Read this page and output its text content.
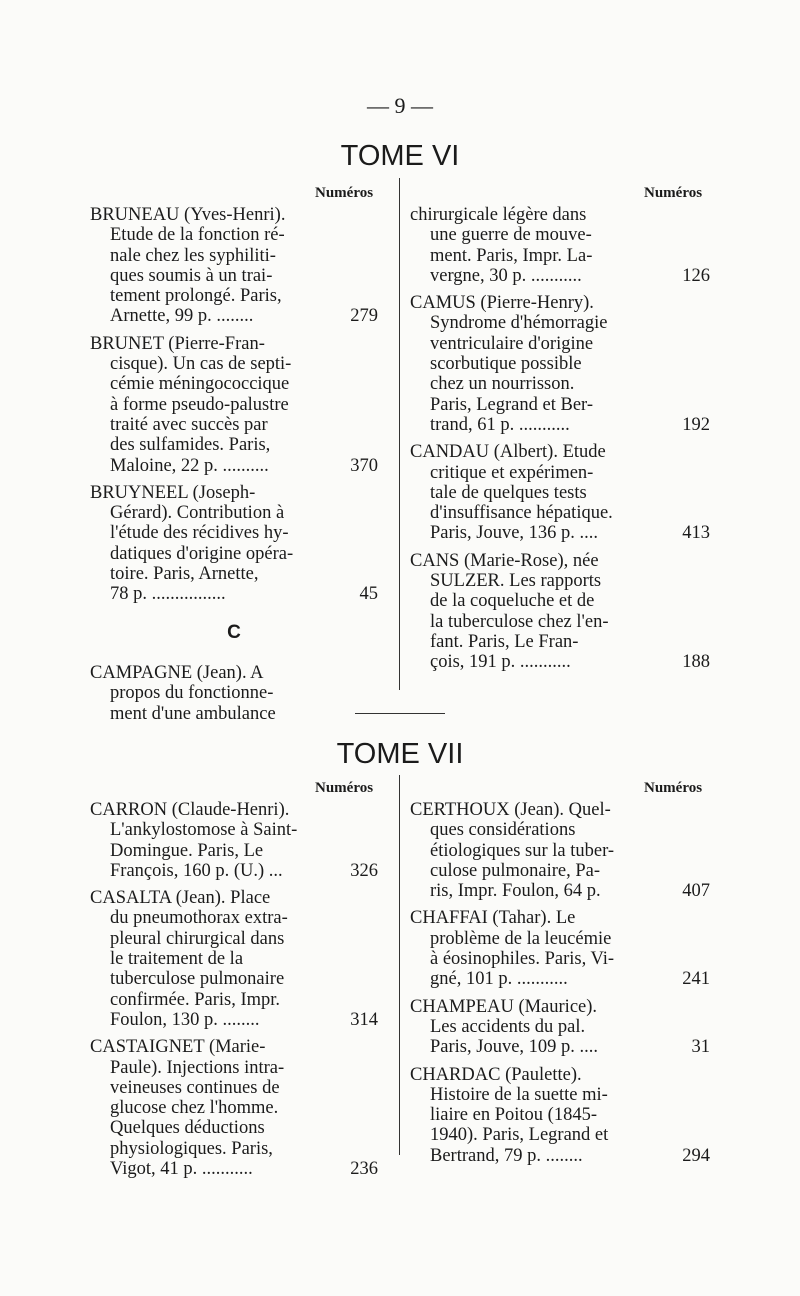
— 9 —
TOME VI
Numéros	Numéros
BRUNEAU (Yves-Henri).
Etude de la fonction ré-
nale chez les syphiliti-
ques soumis à un trai-
tement prolongé. Paris,
Arnette, 99 p. ........	279
BRUNET (Pierre-Fran-
cisque). Un cas de septi-
cémie méningococcique
à forme pseudo-palustre
traité avec succès par
des sulfamides. Paris,
Maloine, 22 p. ..........	370
BRUYNEEL (Joseph-
Gérard). Contribution à
l'étude des récidives hy-
datiques d'origine opéra-
toire. Paris, Arnette,
78 p. ................	45
C
CAMPAGNE (Jean). A
propos du fonctionne-
ment d'une ambulance
chirurgicale légère dans
une guerre de mouve-
ment. Paris, Impr. La-
vergne, 30 p. ...........	126
CAMUS (Pierre-Henry).
Syndrome d'hémorragie
ventriculaire d'origine
scorbutique possible
chez un nourrisson.
Paris, Legrand et Ber-
trand, 61 p. ...........	192
CANDAU (Albert). Etude
critique et expérimen-
tale de quelques tests
d'insuffisance hépatique.
Paris, Jouve, 136 p. ....	413
CANS (Marie-Rose), née
SULZER. Les rapports
de la coqueluche et de
la tuberculose chez l'en-
fant. Paris, Le Fran-
çois, 191 p. ...........	188
TOME VII
Numéros	Numéros
CARRON (Claude-Henri).
L'ankylostomose à Saint-
Domingue. Paris, Le
François, 160 p. (U.) ...	326
CASALTA (Jean). Place
du pneumothorax extra-
pleural chirurgical dans
le traitement de la
tuberculose pulmonaire
confirmée. Paris, Impr.
Foulon, 130 p. ........	314
CASTAIGNET (Marie-
Paule). Injections intra-
veineuses continues de
glucose chez l'homme.
Quelques déductions
physiologiques. Paris,
Vigot, 41 p. ...........	236
CERTHOUX (Jean). Quel-
ques considérations
étiologiques sur la tuber-
culose pulmonaire, Pa-
ris, Impr. Foulon, 64 p.	407
CHAFFAI (Tahar). Le
problème de la leucémie
à éosinophiles. Paris, Vi-
gné, 101 p. ...........	241
CHAMPEAU (Maurice).
Les accidents du pal.
Paris, Jouve, 109 p. ....	31
CHARDAC (Paulette).
Histoire de la suette mi-
liaire en Poitou (1845-
1940). Paris, Legrand et
Bertrand, 79 p. ........	294
